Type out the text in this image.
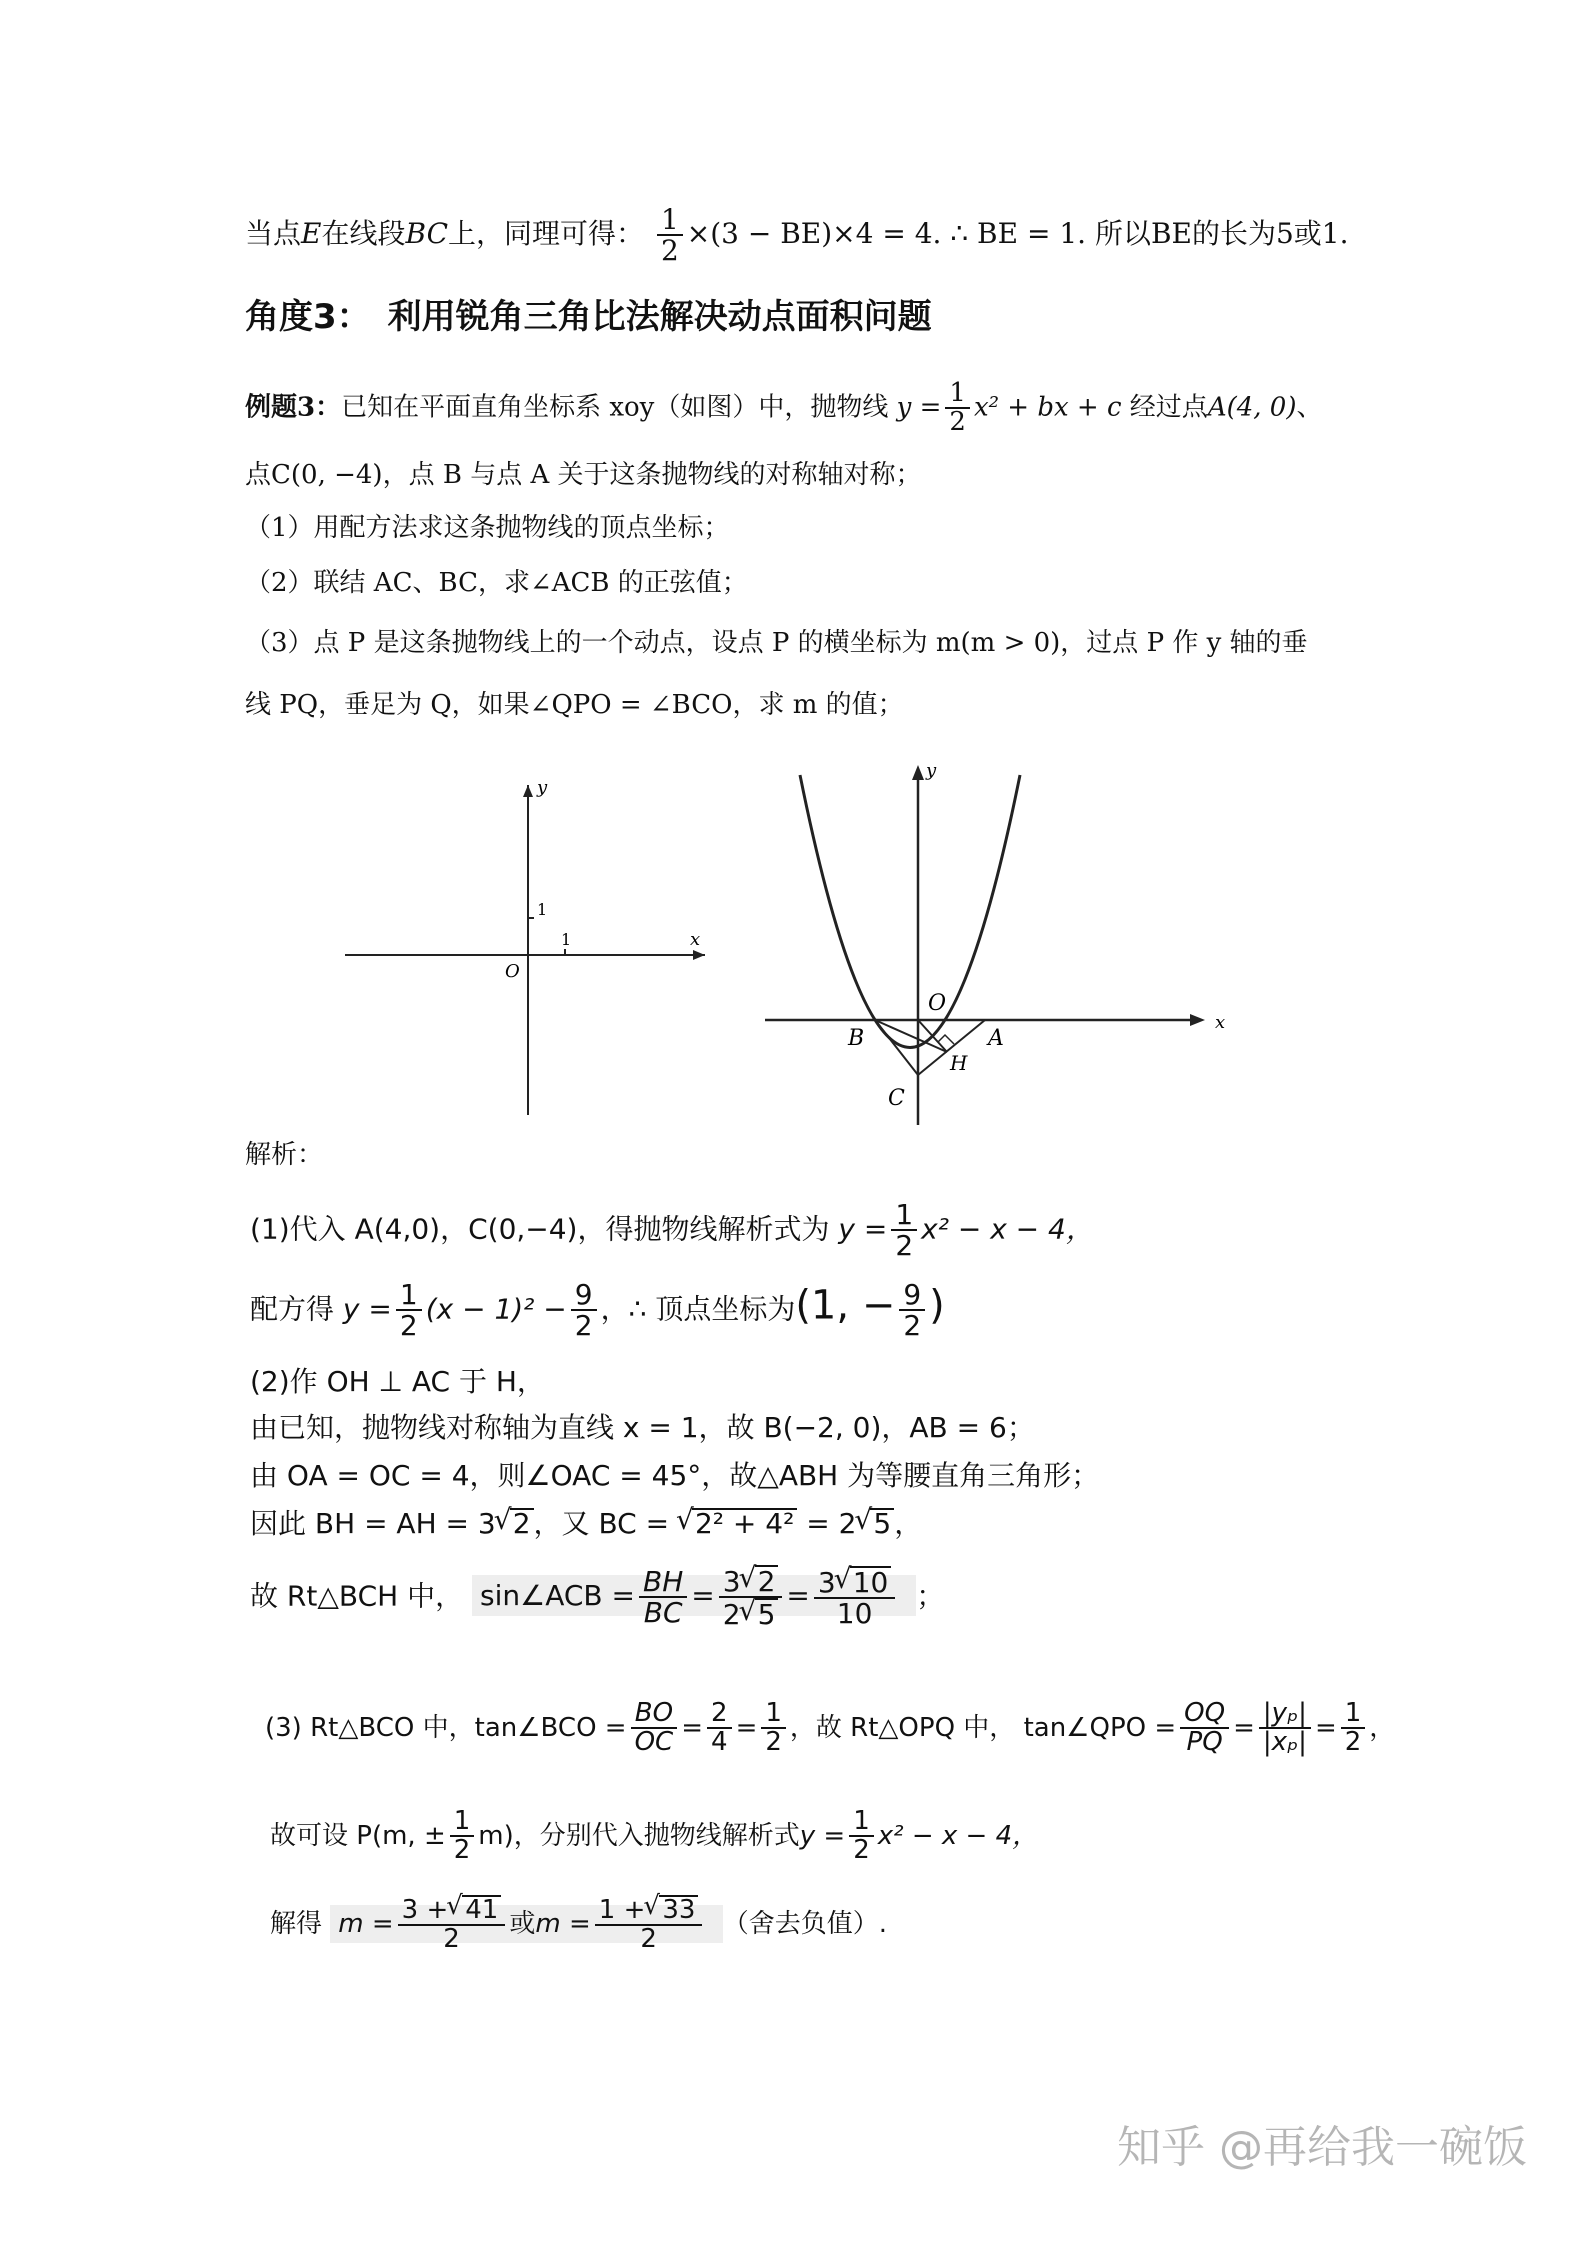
当点E在线段BC上，同理可得： $\frac{1}{2} \times(3 - BE)\times 4 = 4$. ∴ BE = 1. 所以BE的长为5或1.
角度3：　利用锐角三角比法解决动点面积问题
例题3：已知在平面直角坐标系 xoy（如图）中，抛物线 $y = \frac{1}{2} x^2$ + bx + c 经过点A(4, 0)、
点C(0, −4)，点 B 与点 A 关于这条抛物线的对称轴对称；
（1）用配方法求这条抛物线的顶点坐标；
（2）联结 AC、BC，求∠ACB 的正弦值；
（3）点 P 是这条抛物线上的一个动点，设点 P 的横坐标为 m(m > 0)，过点 P 作 y 轴的垂
线 PQ，垂足为 Q，如果∠QPO = ∠BCO，求 m 的值；
x
y
O
1
1
O
A
B
C
H
x
y
解析：
(1)代入 A(4,0)，C(0,−4)，得抛物线解析式为 $y = \frac{1}{2} x^2 - x - 4$，
配方得 $y = \frac{1}{2} (x - 1)^2 - \frac{9}{2}$ ，∴ 顶点坐标为(1, − $\frac{9}{2}$ )
(2)作 OH ⊥ AC 于 H，
由已知，抛物线对称轴为直线 x = 1，故 B(−2, 0)，AB = 6；
由 OA = OC = 4，则∠OAC = 45°，故△ABH 为等腰直角三角形；
因此 BH = AH = 3 √ 2 ，又 BC = √ 2² + 4² = 2 √ 5 ，
故 Rt△BCH 中， sin∠ACB = $\frac{BH}{BC} = \frac{3 √ 2}{2 √ 5} = \frac{3 √ 10}{10}$ ；
(3) Rt△BCO 中，tan∠BCO = $\frac{BO}{OC} = \frac{2}{4} = \frac{1}{2}$ ，故 Rt△OPQ 中， tan∠QPO = $\frac{OQ}{PQ} = \frac{\text{|yₚ|}}{\text{|xₚ|}} = \frac{1}{2}$ ，
故可设 P(m, ± $\frac{1}{2} m$)，分别代入抛物线解析式$y = \frac{1}{2} x^2 - x - 4$，
解得 $m = \frac{3 + √ 41}{2}$ 或$m = \frac{1 + √ 33}{2}$ （舍去负值）.
知乎 @再给我一碗饭
